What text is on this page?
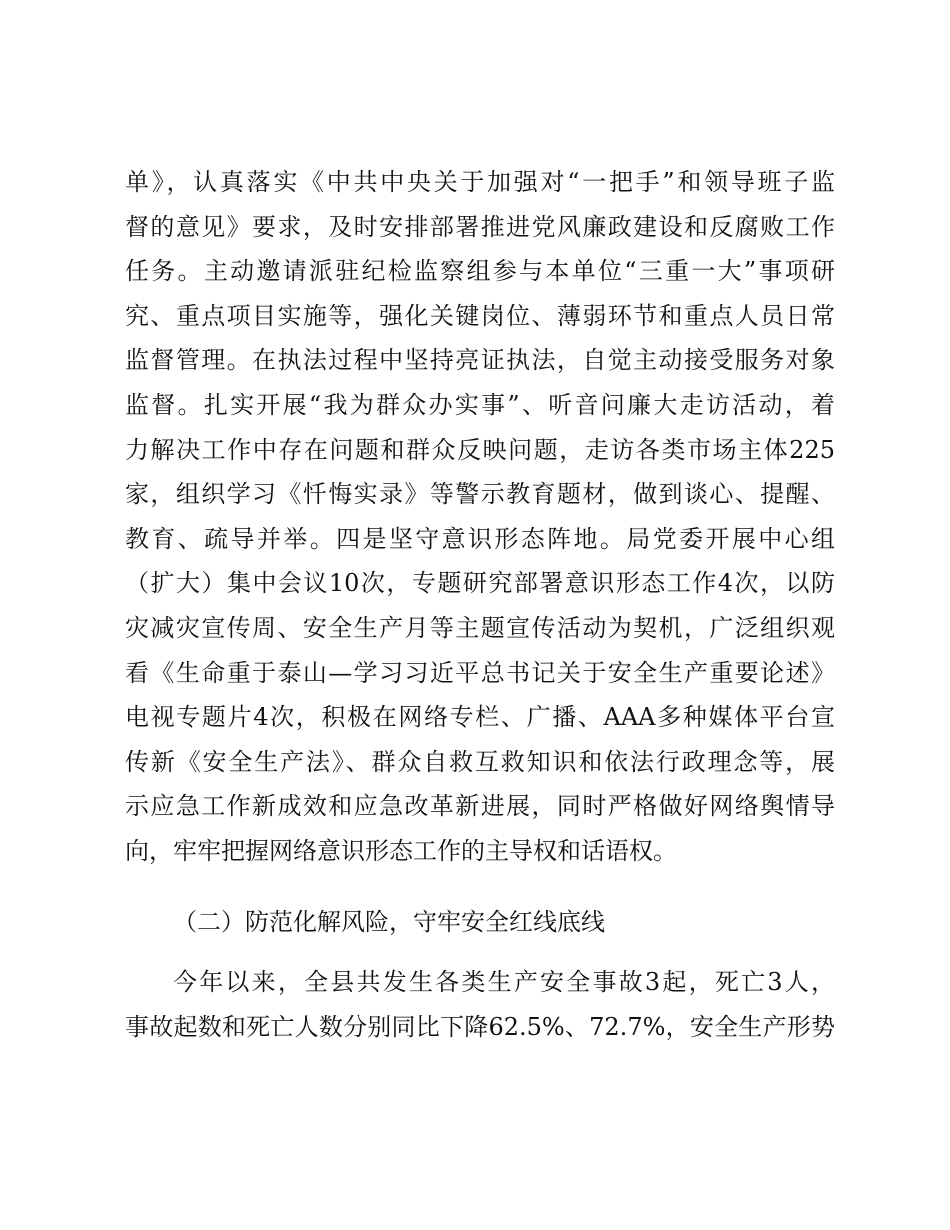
单》，认真落实《中共中央关于加强对“一把手”和领导班子监
督的意见》要求，及时安排部署推进党风廉政建设和反腐败工作
任务。主动邀请派驻纪检监察组参与本单位“三重一大”事项研
究、重点项目实施等，强化关键岗位、薄弱环节和重点人员日常
监督管理。在执法过程中坚持亮证执法，自觉主动接受服务对象
监督。扎实开展“我为群众办实事”、听音问廉大走访活动，着
力解决工作中存在问题和群众反映问题，走访各类市场主体225
家，组织学习《忏悔实录》等警示教育题材，做到谈心、提醒、
教育、疏导并举。四是坚守意识形态阵地。局党委开展中心组
（扩大）集中会议10次，专题研究部署意识形态工作4次，以防
灾减灾宣传周、安全生产月等主题宣传活动为契机，广泛组织观
看《生命重于泰山—学习习近平总书记关于安全生产重要论述》
电视专题片4次，积极在网络专栏、广播、AAA多种媒体平台宣
传新《安全生产法》、群众自救互救知识和依法行政理念等，展
示应急工作新成效和应急改革新进展，同时严格做好网络舆情导
向，牢牢把握网络意识形态工作的主导权和话语权。
（二）防范化解风险，守牢安全红线底线
今年以来，全县共发生各类生产安全事故3起，死亡3人，
事故起数和死亡人数分别同比下降62.5%、72.7%，安全生产形势
